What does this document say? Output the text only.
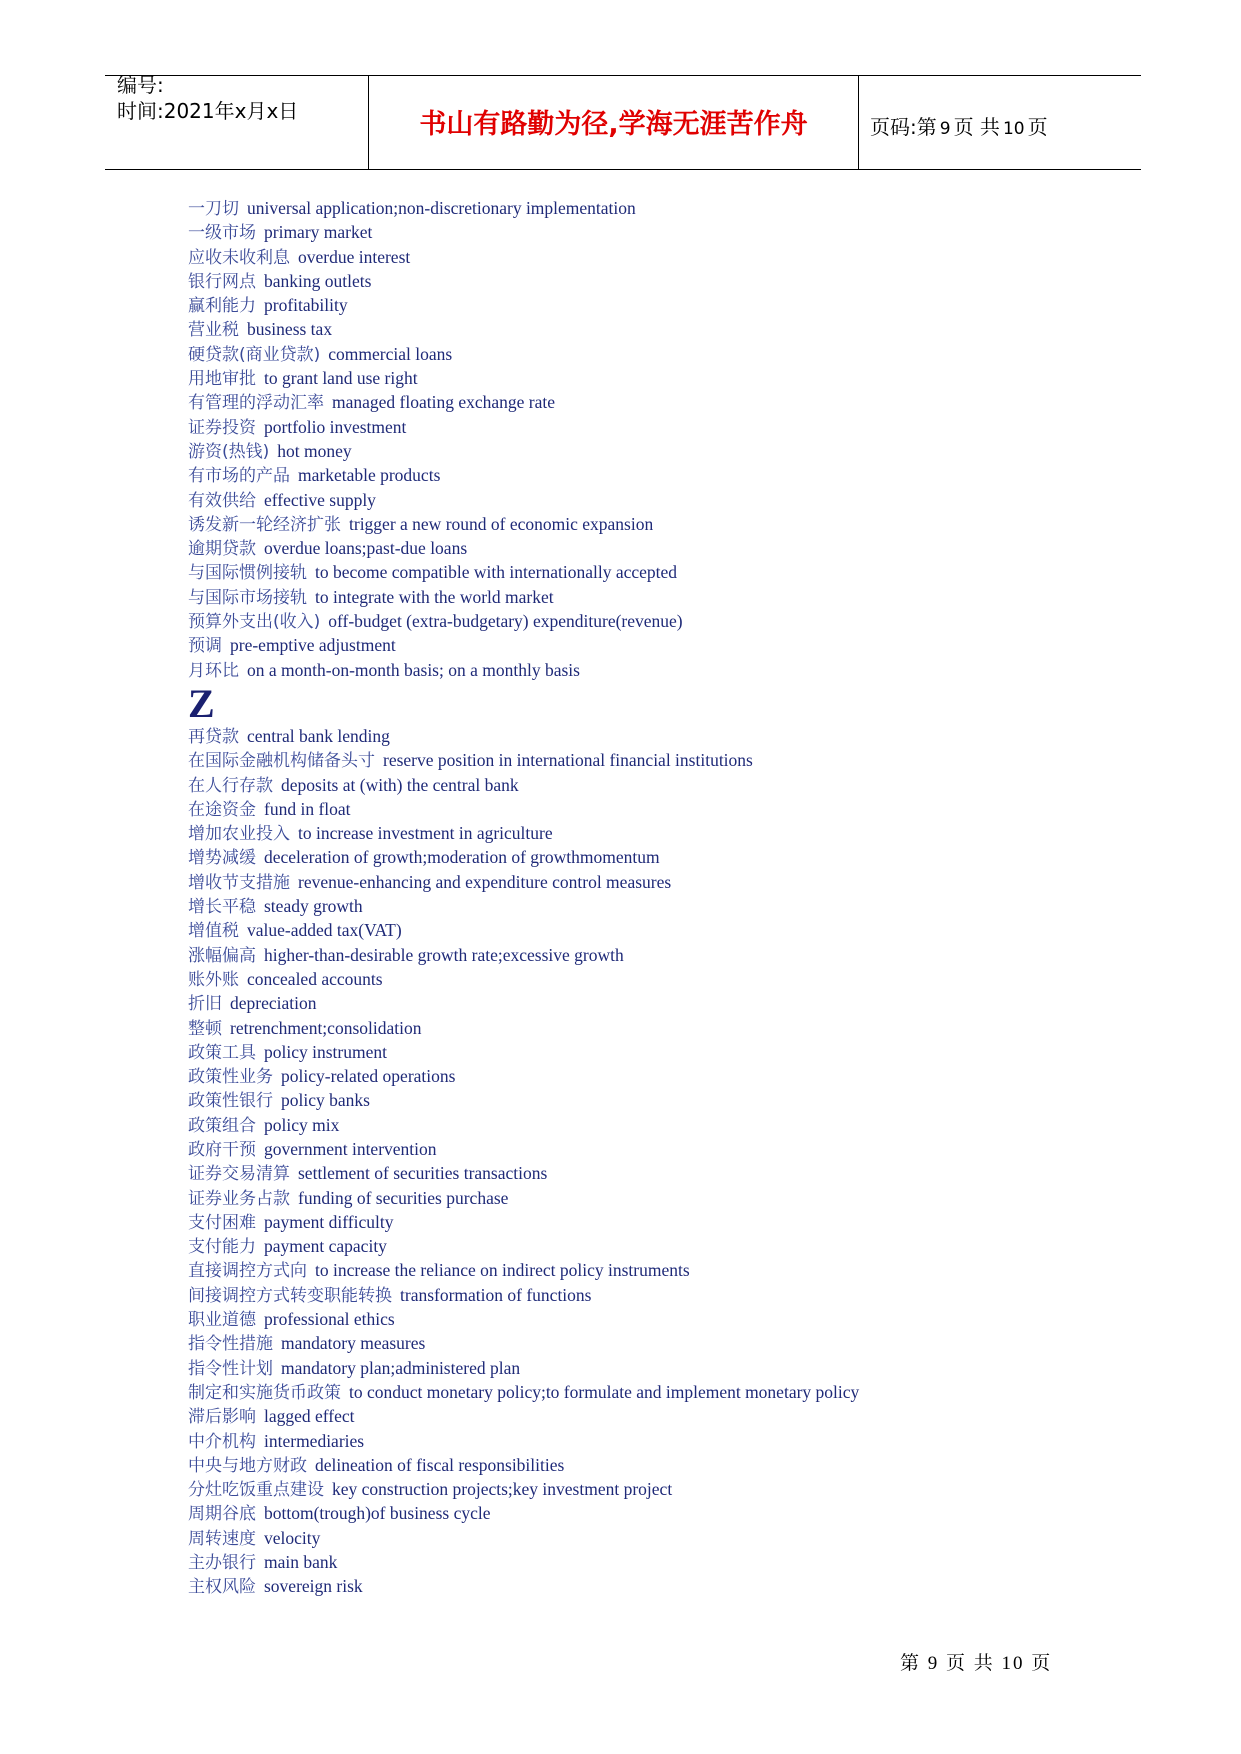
编号:
时间:2021年x月x日	书山有路勤为径,学海无涯苦作舟	页码:第 9 页 共 10 页
一刀切 universal application;non-discretionary implementation
一级市场 primary market
应收未收利息 overdue interest
银行网点 banking outlets
赢利能力 profitability
营业税 business tax
硬贷款(商业贷款) commercial loans
用地审批 to grant land use right
有管理的浮动汇率 managed floating exchange rate
证券投资 portfolio investment
游资(热钱) hot money
有市场的产品 marketable products
有效供给 effective supply
诱发新一轮经济扩张 trigger a new round of economic expansion
逾期贷款 overdue loans;past-due loans
与国际惯例接轨 to become compatible with internationally accepted
与国际市场接轨 to integrate with the world market
预算外支出(收入) off-budget (extra-budgetary) expenditure(revenue)
预调 pre-emptive adjustment
月环比 on a month-on-month basis; on a monthly basis
Z
再贷款 central bank lending
在国际金融机构储备头寸 reserve position in international financial institutions
在人行存款 deposits at (with) the central bank
在途资金 fund in float
增加农业投入 to increase investment in agriculture
增势减缓 deceleration of growth;moderation of growthmomentum
增收节支措施 revenue-enhancing and expenditure control measures
增长平稳 steady growth
增值税 value-added tax(VAT)
涨幅偏高 higher-than-desirable growth rate;excessive growth
账外账 concealed accounts
折旧 depreciation
整顿 retrenchment;consolidation
政策工具 policy instrument
政策性业务 policy-related operations
政策性银行 policy banks
政策组合 policy mix
政府干预 government intervention
证券交易清算 settlement of securities transactions
证券业务占款 funding of securities purchase
支付困难 payment difficulty
支付能力 payment capacity
直接调控方式向 to increase the reliance on indirect policy instruments
间接调控方式转变职能转换 transformation of functions
职业道德 professional ethics
指令性措施 mandatory measures
指令性计划 mandatory plan;administered plan
制定和实施货币政策 to conduct monetary policy;to formulate and implement monetary policy
滞后影响 lagged effect
中介机构 intermediaries
中央与地方财政 delineation of fiscal responsibilities
分灶吃饭重点建设 key construction projects;key investment project
周期谷底 bottom(trough)of business cycle
周转速度 velocity
主办银行 main bank
主权风险 sovereign risk
第 9 页 共 10 页
